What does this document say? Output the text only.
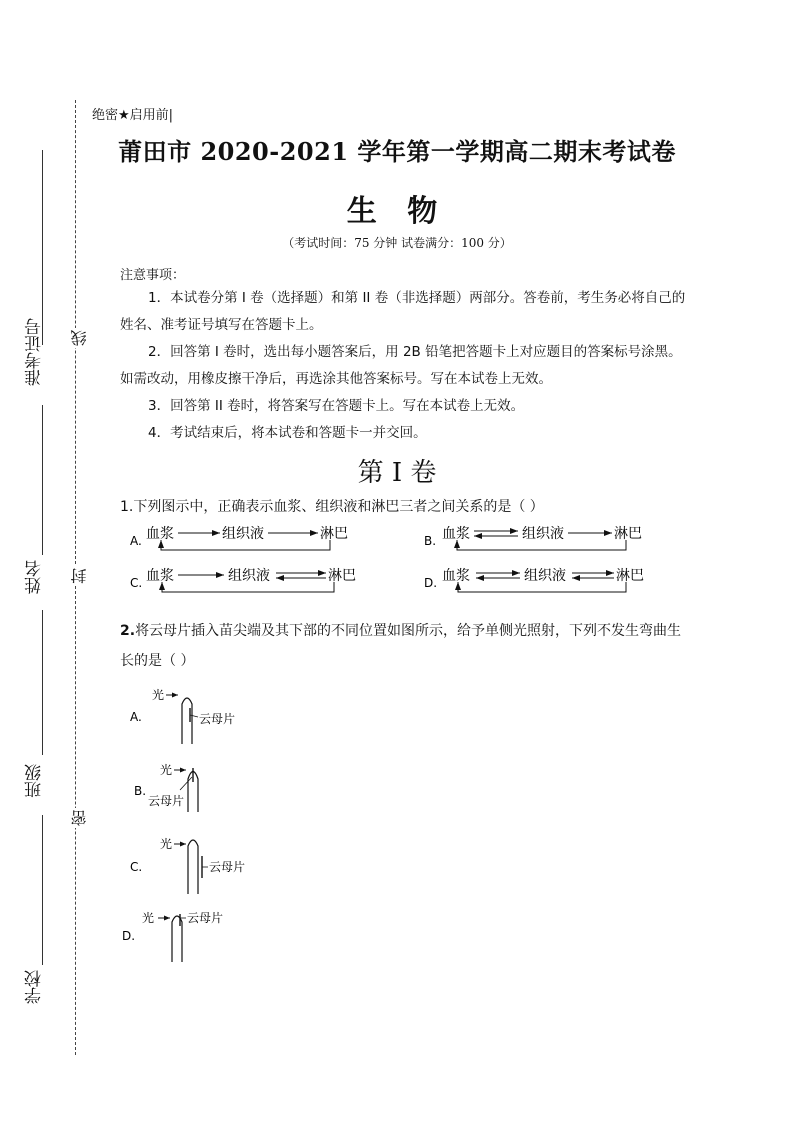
准考证号
姓名
班级
学校
线
封
密
绝密★启用前|
莆田市 2020-2021 学年第一学期高二期末考试卷
生 物
（考试时间：75 分钟 试卷满分：100 分）
注意事项：
1．本试卷分第 I 卷（选择题）和第 II 卷（非选择题）两部分。答卷前，考生务必将自己的姓名、准考证号填写在答题卡上。
2．回答第 I 卷时，选出每小题答案后，用 2B 铅笔把答题卡上对应题目的答案标号涂黑。如需改动，用橡皮擦干净后，再选涂其他答案标号。写在本试卷上无效。
3．回答第 II 卷时，将答案写在答题卡上。写在本试卷上无效。
4．考试结束后，将本试卷和答题卡一并交回。
第 I 卷
1.下列图示中，正确表示血浆、组织液和淋巴三者之间关系的是（ ）
A. 血浆	组织液	淋巴	B. 血浆	组织液	淋巴
C. 血浆	组织液	淋巴	D. 血浆	组织液	淋巴
2.将云母片插入苗尖端及其下部的不同位置如图所示，给予单侧光照射，下列不发生弯曲生
长的是（ ）
A.
光
云母片
B.
光
云母片
C.
光
云母片
D.
光	云母片
